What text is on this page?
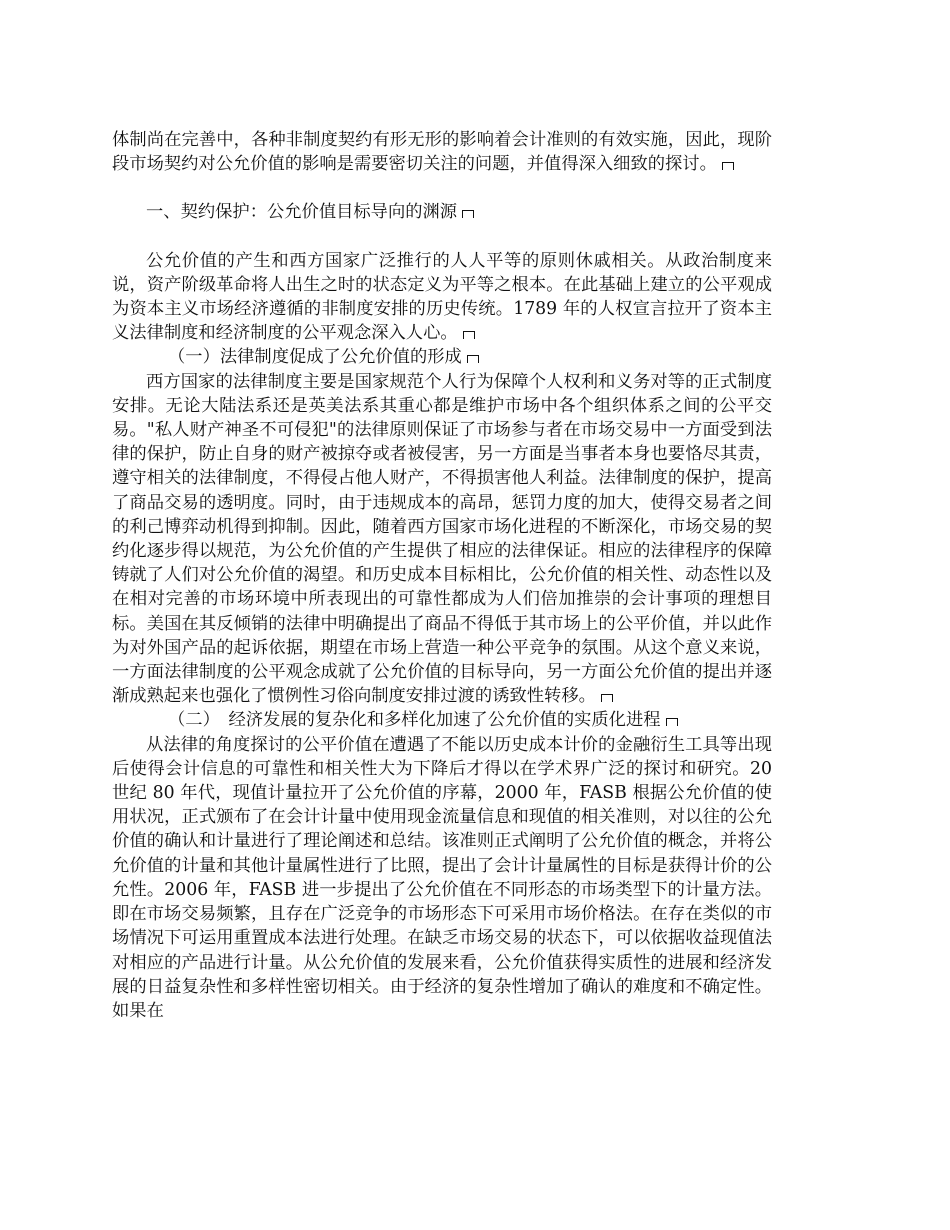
体制尚在完善中，各种非制度契约有形无形的影响着会计准则的有效实施，因此，现阶段市场契约对公允价值的影响是需要密切关注的问题，并值得深入细致的探讨。

一、契约保护：公允价值目标导向的渊源

公允价值的产生和西方国家广泛推行的人人平等的原则休戚相关。从政治制度来说，资产阶级革命将人出生之时的状态定义为平等之根本。在此基础上建立的公平观成为资本主义市场经济遵循的非制度安排的历史传统。1789 年的人权宣言拉开了资本主义法律制度和经济制度的公平观念深入人心。

（一）法律制度促成了公允价值的形成

西方国家的法律制度主要是国家规范个人行为保障个人权利和义务对等的正式制度安排。无论大陆法系还是英美法系其重心都是维护市场中各个组织体系之间的公平交易。"私人财产神圣不可侵犯"的法律原则保证了市场参与者在市场交易中一方面受到法律的保护，防止自身的财产被掠夺或者被侵害，另一方面是当事者本身也要恪尽其责，遵守相关的法律制度，不得侵占他人财产，不得损害他人利益。法律制度的保护，提高了商品交易的透明度。同时，由于违规成本的高昂，惩罚力度的加大，使得交易者之间的利己博弈动机得到抑制。因此，随着西方国家市场化进程的不断深化，市场交易的契约化逐步得以规范，为公允价值的产生提供了相应的法律保证。相应的法律程序的保障铸就了人们对公允价值的渴望。和历史成本目标相比，公允价值的相关性、动态性以及在相对完善的市场环境中所表现出的可靠性都成为人们倍加推崇的会计事项的理想目标。美国在其反倾销的法律中明确提出了商品不得低于其市场上的公平价值，并以此作为对外国产品的起诉依据，期望在市场上营造一种公平竞争的氛围。从这个意义来说，一方面法律制度的公平观念成就了公允价值的目标导向，另一方面公允价值的提出并逐渐成熟起来也强化了惯例性习俗向制度安排过渡的诱致性转移。

（二）　经济发展的复杂化和多样化加速了公允价值的实质化进程

从法律的角度探讨的公平价值在遭遇了不能以历史成本计价的金融衍生工具等出现后使得会计信息的可靠性和相关性大为下降后才得以在学术界广泛的探讨和研究。20 世纪 80 年代，现值计量拉开了公允价值的序幕，2000 年，FASB 根据公允价值的使用状况，正式颁布了在会计计量中使用现金流量信息和现值的相关准则，对以往的公允价值的确认和计量进行了理论阐述和总结。该准则正式阐明了公允价值的概念，并将公允价值的计量和其他计量属性进行了比照，提出了会计计量属性的目标是获得计价的公允性。2006 年，FASB 进一步提出了公允价值在不同形态的市场类型下的计量方法。即在市场交易频繁，且存在广泛竞争的市场形态下可采用市场价格法。在存在类似的市场情况下可运用重置成本法进行处理。在缺乏市场交易的状态下，可以依据收益现值法对相应的产品进行计量。从公允价值的发展来看，公允价值获得实质性的进展和经济发展的日益复杂性和多样性密切相关。由于经济的复杂性增加了确认的难度和不确定性。如果在
